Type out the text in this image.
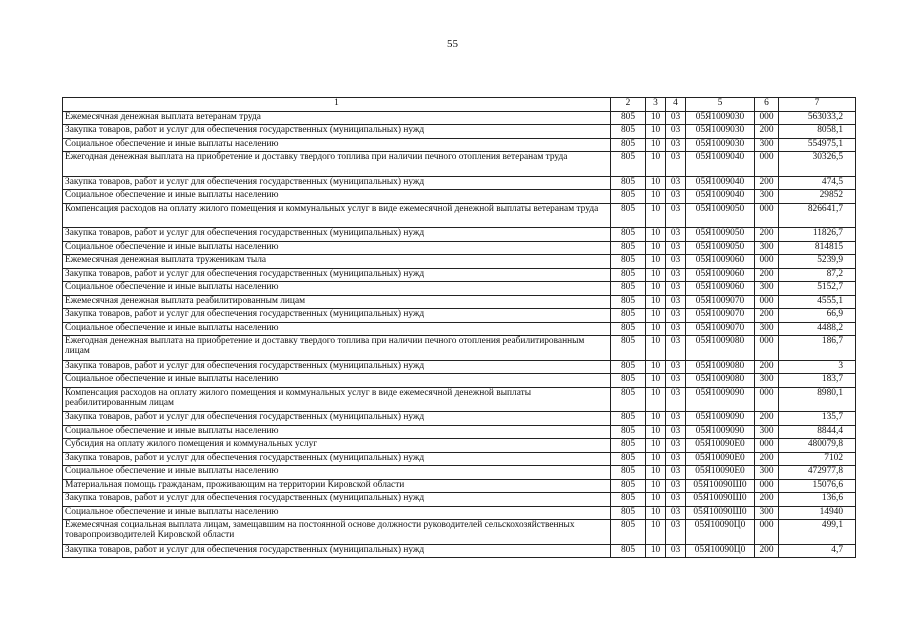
55
1	2	3	4	5	6	7
Ежемесячная денежная выплата ветеранам труда	805	10	03	05Я1009030	000	563033,2
Закупка товаров, работ и услуг для обеспечения государственных (муниципальных) нужд	805	10	03	05Я1009030	200	8058,1
Социальное обеспечение и иные выплаты населению	805	10	03	05Я1009030	300	554975,1
Ежегодная денежная выплата на приобретение и доставку твердого топлива при наличии печного отопления ветеранам труда	805	10	03	05Я1009040	000	30326,5
Закупка товаров, работ и услуг для обеспечения государственных (муниципальных) нужд	805	10	03	05Я1009040	200	474,5
Социальное обеспечение и иные выплаты населению	805	10	03	05Я1009040	300	29852
Компенсация расходов на оплату жилого помещения и коммунальных услуг в виде ежемесячной денежной выплаты ветеранам труда	805	10	03	05Я1009050	000	826641,7
Закупка товаров, работ и услуг для обеспечения государственных (муниципальных) нужд	805	10	03	05Я1009050	200	11826,7
Социальное обеспечение и иные выплаты населению	805	10	03	05Я1009050	300	814815
Ежемесячная денежная выплата труженикам тыла	805	10	03	05Я1009060	000	5239,9
Закупка товаров, работ и услуг для обеспечения государственных (муниципальных) нужд	805	10	03	05Я1009060	200	87,2
Социальное обеспечение и иные выплаты населению	805	10	03	05Я1009060	300	5152,7
Ежемесячная денежная выплата реабилитированным лицам	805	10	03	05Я1009070	000	4555,1
Закупка товаров, работ и услуг для обеспечения государственных (муниципальных) нужд	805	10	03	05Я1009070	200	66,9
Социальное обеспечение и иные выплаты населению	805	10	03	05Я1009070	300	4488,2
Ежегодная денежная выплата на приобретение и доставку твердого топлива при наличии печного отопления реабилитированным лицам	805	10	03	05Я1009080	000	186,7
Закупка товаров, работ и услуг для обеспечения государственных (муниципальных) нужд	805	10	03	05Я1009080	200	3
Социальное обеспечение и иные выплаты населению	805	10	03	05Я1009080	300	183,7
Компенсация расходов на оплату жилого помещения и коммунальных услуг в виде ежемесячной денежной выплаты реабилитированным лицам	805	10	03	05Я1009090	000	8980,1
Закупка товаров, работ и услуг для обеспечения государственных (муниципальных) нужд	805	10	03	05Я1009090	200	135,7
Социальное обеспечение и иные выплаты населению	805	10	03	05Я1009090	300	8844,4
Субсидия на оплату жилого помещения и коммунальных услуг	805	10	03	05Я10090Е0	000	480079,8
Закупка товаров, работ и услуг для обеспечения государственных (муниципальных) нужд	805	10	03	05Я10090Е0	200	7102
Социальное обеспечение и иные выплаты населению	805	10	03	05Я10090Е0	300	472977,8
Материальная помощь гражданам, проживающим на территории Кировской области	805	10	03	05Я10090Ш0	000	15076,6
Закупка товаров, работ и услуг для обеспечения государственных (муниципальных) нужд	805	10	03	05Я10090Ш0	200	136,6
Социальное обеспечение и иные выплаты населению	805	10	03	05Я10090Ш0	300	14940
Ежемесячная социальная выплата лицам, замещавшим на постоянной основе должности руководителей сельскохозяйственных товаропроизводителей Кировской области	805	10	03	05Я10090Ц0	000	499,1
Закупка товаров, работ и услуг для обеспечения государственных (муниципальных) нужд	805	10	03	05Я10090Ц0	200	4,7
